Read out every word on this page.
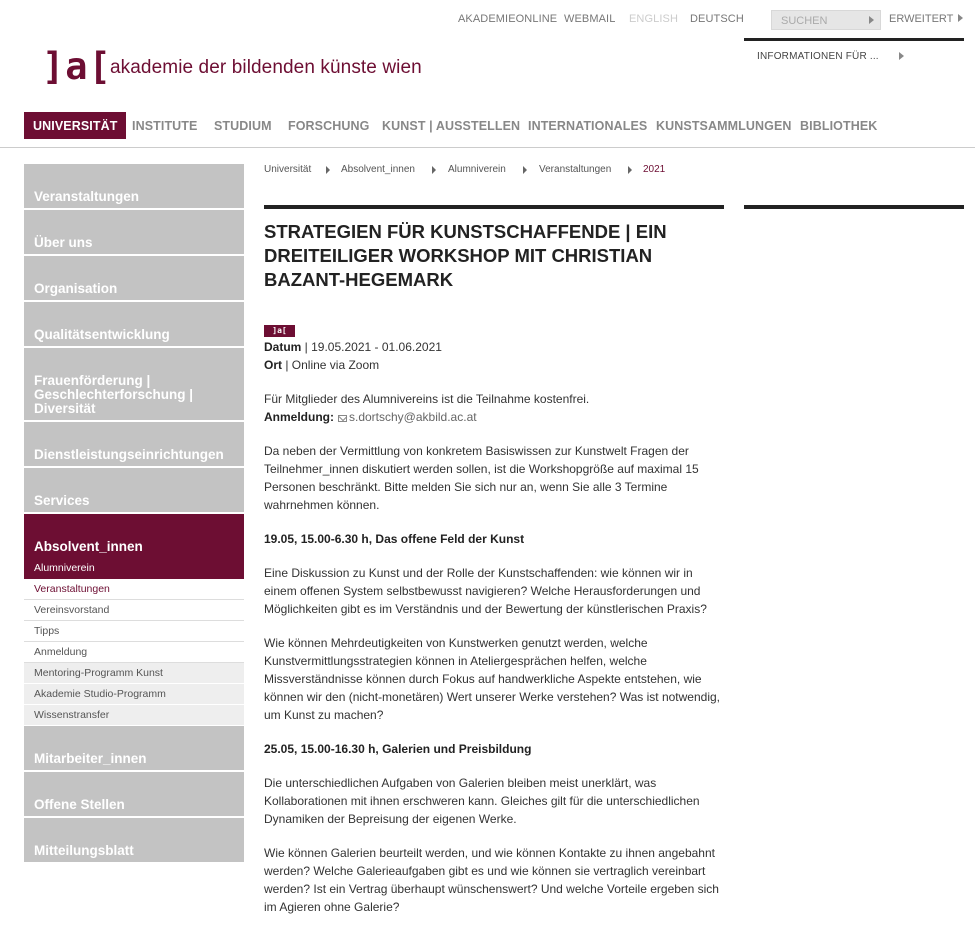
AKADEMIEONLINE WEBMAIL ENGLISH DEUTSCH
SUCHEN	ERWEITERT
INFORMATIONEN FÜR ...
]a[
akademie der bildenden künste wien
UNIVERSITÄT	INSTITUTE STUDIUM FORSCHUNG KUNST | AUSSTELLEN INTERNATIONALES KUNSTSAMMLUNGEN BIBLIOTHEK
Veranstaltungen
Über uns
Organisation
Qualitätsentwicklung
Frauenförderung | Geschlechterforschung | Diversität
Dienstleistungseinrichtungen
Services
Absolvent_innen
Alumniverein
Veranstaltungen
Vereinsvorstand
Tipps
Anmeldung
Mentoring-Programm Kunst
Akademie Studio-Programm
Wissenstransfer
Mitarbeiter_innen
Offene Stellen
Mitteilungsblatt
Universität	Absolvent_innen	Alumniverein	Veranstaltungen	2021
STRATEGIEN FÜR KUNSTSCHAFFENDE | EIN DREITEILIGER WORKSHOP MIT CHRISTIAN BAZANT-HEGEMARK
]a[

Datum | 19.05.2021 - 01.06.2021

Ort | Online via Zoom

Für Mitglieder des Alumnivereins ist die Teilnahme kostenfrei.

Anmeldung: s.dortschy@akbild.ac.at

Da neben der Vermittlung von konkretem Basiswissen zur Kunstwelt Fragen der Teilnehmer_innen diskutiert werden sollen, ist die Workshopgröße auf maximal 15 Personen beschränkt. Bitte melden Sie sich nur an, wenn Sie alle 3 Termine wahrnehmen können.

19.05, 15.00-6.30 h, Das offene Feld der Kunst

Eine Diskussion zu Kunst und der Rolle der Kunstschaffenden: wie können wir in einem offenen System selbstbewusst navigieren? Welche Herausforderungen und Möglichkeiten gibt es im Verständnis und der Bewertung der künstlerischen Praxis?

Wie können Mehrdeutigkeiten von Kunstwerken genutzt werden, welche Kunstvermittlungsstrategien können in Ateliergesprächen helfen, welche Missverständnisse können durch Fokus auf handwerkliche Aspekte entstehen, wie können wir den (nicht-monetären) Wert unserer Werke verstehen? Was ist notwendig, um Kunst zu machen?

25.05, 15.00-16.30 h, Galerien und Preisbildung

Die unterschiedlichen Aufgaben von Galerien bleiben meist unerklärt, was Kollaborationen mit ihnen erschweren kann. Gleiches gilt für die unterschiedlichen Dynamiken der Bepreisung der eigenen Werke.

Wie können Galerien beurteilt werden, und wie können Kontakte zu ihnen angebahnt werden? Welche Galerieaufgaben gibt es und wie können sie vertraglich vereinbart werden? Ist ein Vertrag überhaupt wünschenswert? Und welche Vorteile ergeben sich im Agieren ohne Galerie?
